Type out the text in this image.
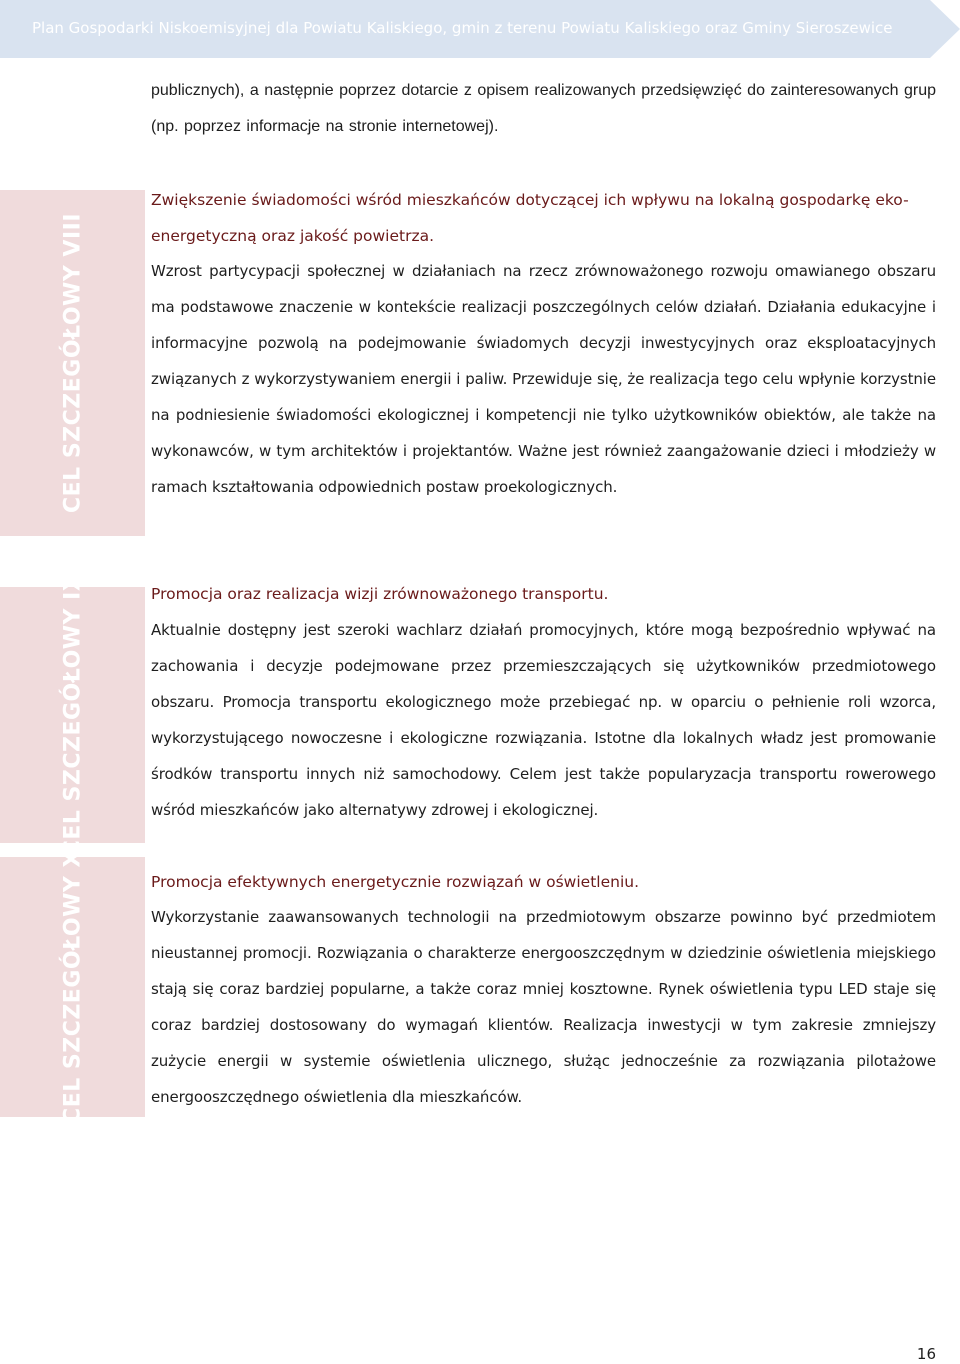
Plan Gospodarki Niskoemisyjnej dla Powiatu Kaliskiego, gmin z terenu Powiatu Kaliskiego oraz Gminy Sieroszewice

publicznych), a następnie poprzez dotarcie z opisem realizowanych przedsięwzięć do zainteresowanych grup (np. poprzez informacje na stronie internetowej).

CEL SZCZEGÓŁOWY VIII

Zwiększenie świadomości wśród mieszkańców dotyczącej ich wpływu na lokalną gospodarkę eko-energetyczną oraz jakość powietrza.

Wzrost partycypacji społecznej w działaniach na rzecz zrównoważonego rozwoju omawianego obszaru ma podstawowe znaczenie w kontekście realizacji poszczególnych celów działań. Działania edukacyjne i informacyjne pozwolą na podejmowanie świadomych decyzji inwestycyjnych oraz eksploatacyjnych związanych z wykorzystywaniem energii i paliw. Przewiduje się, że realizacja tego celu wpłynie korzystnie na podniesienie świadomości ekologicznej i kompetencji nie tylko użytkowników obiektów, ale także na wykonawców, w tym architektów i projektantów. Ważne jest również zaangażowanie dzieci i młodzieży w ramach kształtowania odpowiednich postaw proekologicznych.

CEL SZCZEGÓŁOWY IX	Promocja oraz realizacja wizji zrównoważonego transportu.

Aktualnie dostępny jest szeroki wachlarz działań promocyjnych, które mogą bezpośrednio wpływać na zachowania i decyzje podejmowane przez przemieszczających się użytkowników przedmiotowego obszaru. Promocja transportu ekologicznego może przebiegać np. w oparciu o pełnienie roli wzorca, wykorzystującego nowoczesne i ekologiczne rozwiązania. Istotne dla lokalnych władz jest promowanie środków transportu innych niż samochodowy. Celem jest także popularyzacja transportu rowerowego wśród mieszkańców jako alternatywy zdrowej i ekologicznej.

CEL SZCZEGÓŁOWY X	Promocja efektywnych energetycznie rozwiązań w oświetleniu.

Wykorzystanie zaawansowanych technologii na przedmiotowym obszarze powinno być przedmiotem nieustannej promocji. Rozwiązania o charakterze energooszczędnym w dziedzinie oświetlenia miejskiego stają się coraz bardziej popularne, a także coraz mniej kosztowne. Rynek oświetlenia typu LED staje się coraz bardziej dostosowany do wymagań klientów. Realizacja inwestycji w tym zakresie zmniejszy zużycie energii w systemie oświetlenia ulicznego, służąc jednocześnie za rozwiązania pilotażowe energooszczędnego oświetlenia dla mieszkańców.

16
